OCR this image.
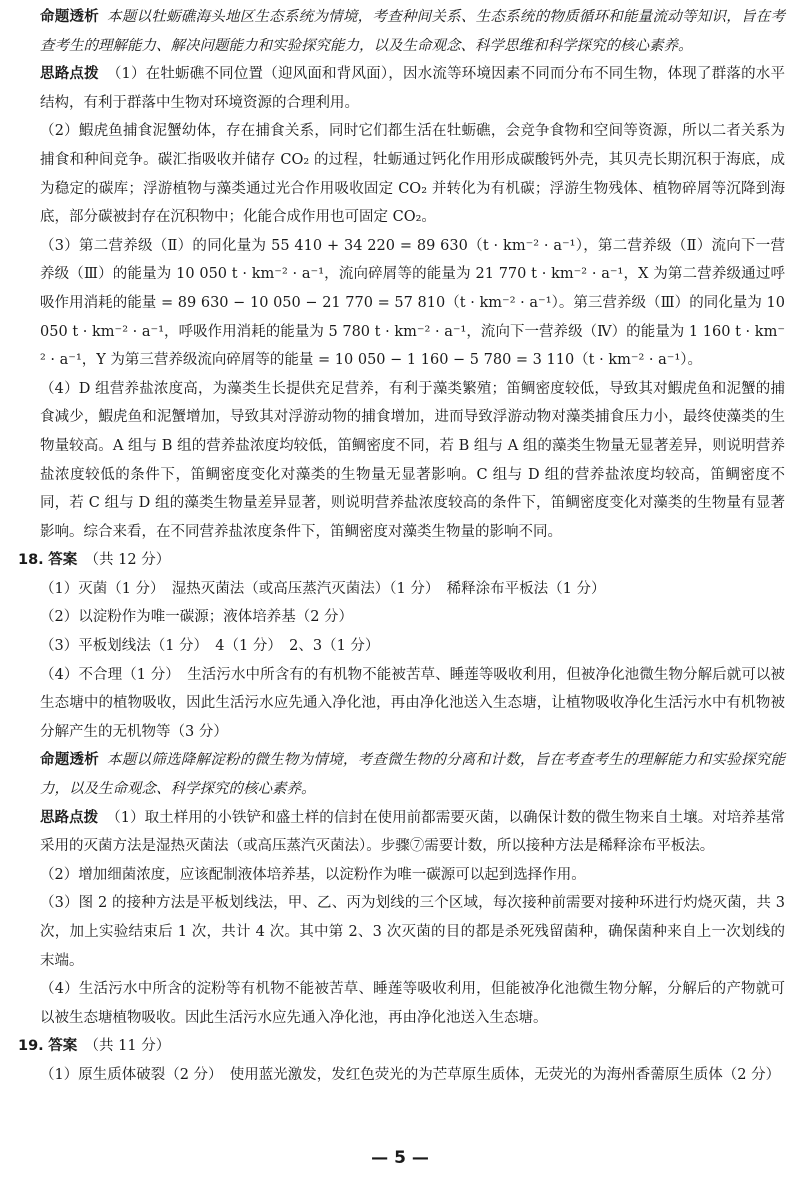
命题透析 本题以牡蛎礁海头地区生态系统为情境，考查种间关系、生态系统的物质循环和能量流动等知识，旨在考查考生的理解能力、解决问题能力和实验探究能力，以及生命观念、科学思维和科学探究的核心素养。

思路点拨 （1）在牡蛎礁不同位置（迎风面和背风面），因水流等环境因素不同而分布不同生物，体现了群落的水平结构，有利于群落中生物对环境资源的合理利用。

（2）鰕虎鱼捕食泥蟹幼体，存在捕食关系，同时它们都生活在牡蛎礁，会竞争食物和空间等资源，所以二者关系为捕食和种间竞争。碳汇指吸收并储存 CO₂ 的过程，牡蛎通过钙化作用形成碳酸钙外壳，其贝壳长期沉积于海底，成为稳定的碳库；浮游植物与藻类通过光合作用吸收固定 CO₂ 并转化为有机碳；浮游生物残体、植物碎屑等沉降到海底，部分碳被封存在沉积物中；化能合成作用也可固定 CO₂。

（3）第二营养级（Ⅱ）的同化量为 55 410 + 34 220 = 89 630（t · km⁻² · a⁻¹），第二营养级（Ⅱ）流向下一营养级（Ⅲ）的能量为 10 050 t · km⁻² · a⁻¹，流向碎屑等的能量为 21 770 t · km⁻² · a⁻¹，X 为第二营养级通过呼吸作用消耗的能量 = 89 630 − 10 050 − 21 770 = 57 810（t · km⁻² · a⁻¹）。第三营养级（Ⅲ）的同化量为 10 050 t · km⁻² · a⁻¹，呼吸作用消耗的能量为 5 780 t · km⁻² · a⁻¹，流向下一营养级（Ⅳ）的能量为 1 160 t · km⁻² · a⁻¹，Y 为第三营养级流向碎屑等的能量 = 10 050 − 1 160 − 5 780 = 3 110（t · km⁻² · a⁻¹）。

（4）D 组营养盐浓度高，为藻类生长提供充足营养，有利于藻类繁殖；笛鲷密度较低，导致其对鰕虎鱼和泥蟹的捕食减少，鰕虎鱼和泥蟹增加，导致其对浮游动物的捕食增加，进而导致浮游动物对藻类捕食压力小，最终使藻类的生物量较高。A 组与 B 组的营养盐浓度均较低，笛鲷密度不同，若 B 组与 A 组的藻类生物量无显著差异，则说明营养盐浓度较低的条件下，笛鲷密度变化对藻类的生物量无显著影响。C 组与 D 组的营养盐浓度均较高，笛鲷密度不同，若 C 组与 D 组的藻类生物量差异显著，则说明营养盐浓度较高的条件下，笛鲷密度变化对藻类的生物量有显著影响。综合来看，在不同营养盐浓度条件下，笛鲷密度对藻类生物量的影响不同。

18. 答案　 （共 12 分）

（1）灭菌（1 分）　湿热灭菌法（或高压蒸汽灭菌法）（1 分）　稀释涂布平板法（1 分）

（2）以淀粉作为唯一碳源；液体培养基（2 分）

（3）平板划线法（1 分）　4（1 分）　2、3（1 分）

（4）不合理（1 分）　生活污水中所含有的有机物不能被苦草、睡莲等吸收利用，但被净化池微生物分解后就可以被生态塘中的植物吸收，因此生活污水应先通入净化池，再由净化池送入生态塘，让植物吸收净化生活污水中有机物被分解产生的无机物等（3 分）

命题透析 本题以筛选降解淀粉的微生物为情境，考查微生物的分离和计数，旨在考查考生的理解能力和实验探究能力，以及生命观念、科学探究的核心素养。

思路点拨 （1）取土样用的小铁铲和盛土样的信封在使用前都需要灭菌，以确保计数的微生物来自土壤。对培养基常采用的灭菌方法是湿热灭菌法（或高压蒸汽灭菌法）。步骤⑦需要计数，所以接种方法是稀释涂布平板法。

（2）增加细菌浓度，应该配制液体培养基，以淀粉作为唯一碳源可以起到选择作用。

（3）图 2 的接种方法是平板划线法，甲、乙、丙为划线的三个区域，每次接种前需要对接种环进行灼烧灭菌，共 3 次，加上实验结束后 1 次，共计 4 次。其中第 2、3 次灭菌的目的都是杀死残留菌种，确保菌种来自上一次划线的末端。

（4）生活污水中所含的淀粉等有机物不能被苦草、睡莲等吸收利用，但能被净化池微生物分解，分解后的产物就可以被生态塘植物吸收。因此生活污水应先通入净化池，再由净化池送入生态塘。

19. 答案　 （共 11 分）

（1）原生质体破裂（2 分）　使用蓝光激发，发红色荧光的为芒草原生质体，无荧光的为海州香薷原生质体（2 分）

— 5 —
